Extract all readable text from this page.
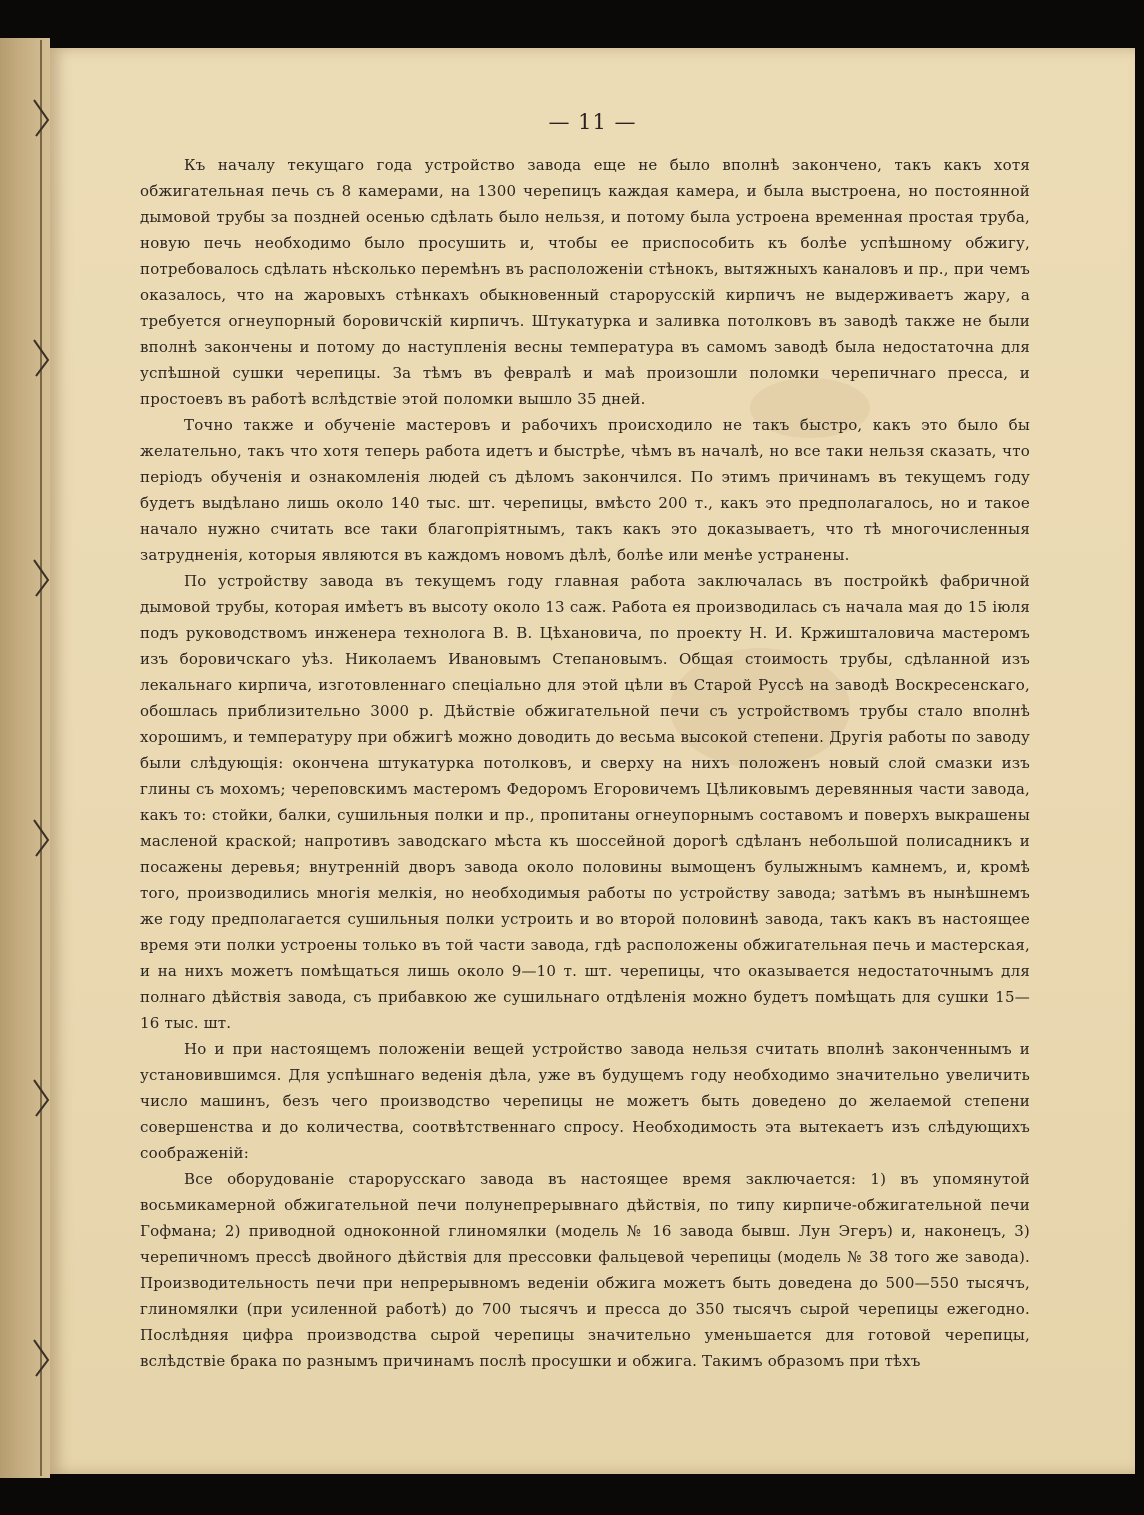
— 11 —

Къ началу текущаго года устройство завода еще не было вполнѣ закончено, такъ какъ хотя обжигательная печь съ 8 камерами, на 1300 черепицъ каждая камера, и была выстроена, но постоянной дымовой трубы за поздней осенью сдѣлать было нельзя, и потому была устроена временная простая труба, новую печь необходимо было просушить и, чтобы ее приспособить къ болѣе успѣшному обжигу, потребовалось сдѣлать нѣсколько перемѣнъ въ расположеніи стѣнокъ, вытяжныхъ каналовъ и пр., при чемъ оказалось, что на жаровыхъ стѣнкахъ обыкновенный старорусскій кирпичъ не выдерживаетъ жару, а требуется огнеупорный боровичскій кирпичъ. Штукатурка и заливка потолковъ въ заводѣ также не были вполнѣ закончены и потому до наступленія весны температура въ самомъ заводѣ была недостаточна для успѣшной сушки черепицы. За тѣмъ въ февралѣ и маѣ произошли поломки черепичнаго пресса, и простоевъ въ работѣ вслѣдствіе этой поломки вышло 35 дней.

Точно также и обученіе мастеровъ и рабочихъ происходило не такъ быстро, какъ это было бы желательно, такъ что хотя теперь работа идетъ и быстрѣе, чѣмъ въ началѣ, но все таки нельзя сказать, что періодъ обученія и ознакомленія людей съ дѣломъ закончился. По этимъ причинамъ въ текущемъ году будетъ выдѣлано лишь около 140 тыс. шт. черепицы, вмѣсто 200 т., какъ это предполагалось, но и такое начало нужно считать все таки благопріятнымъ, такъ какъ это доказываетъ, что тѣ многочисленныя затрудненія, которыя являются въ каждомъ новомъ дѣлѣ, болѣе или менѣе устранены.

По устройству завода въ текущемъ году главная работа заключалась въ постройкѣ фабричной дымовой трубы, которая имѣетъ въ высоту около 13 саж. Работа ея производилась съ начала мая до 15 іюля подъ руководствомъ инженера технолога В. В. Цѣхановича, по проекту Н. И. Кржишталовича мастеромъ изъ боровичскаго уѣз. Николаемъ Ивановымъ Степановымъ. Общая стоимость трубы, сдѣланной изъ лекальнаго кирпича, изготовленнаго спеціально для этой цѣли въ Старой Руссѣ на заводѣ Воскресенскаго, обошлась приблизительно 3000 р. Дѣйствіе обжигательной печи съ устройствомъ трубы стало вполнѣ хорошимъ, и температуру при обжигѣ можно доводить до весьма высокой степени. Другія работы по заводу были слѣдующія: окончена штукатурка потолковъ, и сверху на нихъ положенъ новый слой смазки изъ глины съ мохомъ; череповскимъ мастеромъ Федоромъ Егоровичемъ Цѣликовымъ деревянныя части завода, какъ то: стойки, балки, сушильныя полки и пр., пропитаны огнеупорнымъ составомъ и поверхъ выкрашены масленой краской; напротивъ заводскаго мѣста къ шоссейной дорогѣ сдѣланъ небольшой полисадникъ и посажены деревья; внутренній дворъ завода около половины вымощенъ булыжнымъ камнемъ, и, кромѣ того, производились многія мелкія, но необходимыя работы по устройству завода; затѣмъ въ нынѣшнемъ же году предполагается сушильныя полки устроить и во второй половинѣ завода, такъ какъ въ настоящее время эти полки устроены только въ той части завода, гдѣ расположены обжигательная печь и мастерская, и на нихъ можетъ помѣщаться лишь около 9—10 т. шт. черепицы, что оказывается недостаточнымъ для полнаго дѣйствія завода, съ прибавкою же сушильнаго отдѣленія можно будетъ помѣщать для сушки 15—16 тыс. шт.

Но и при настоящемъ положеніи вещей устройство завода нельзя считать вполнѣ законченнымъ и установившимся. Для успѣшнаго веденія дѣла, уже въ будущемъ году необходимо значительно увеличить число машинъ, безъ чего производство черепицы не можетъ быть доведено до желаемой степени совершенства и до количества, соотвѣтственнаго спросу. Необходимость эта вытекаетъ изъ слѣдующихъ соображеній:

Все оборудованіе старорусскаго завода въ настоящее время заключается: 1) въ упомянутой восьмикамерной обжигательной печи полунепрерывнаго дѣйствія, по типу кирпиче-обжигательной печи Гофмана; 2) приводной одноконной глиномялки (модель № 16 завода бывш. Лун Эгеръ) и, наконецъ, 3) черепичномъ прессѣ двойного дѣйствія для прессовки фальцевой черепицы (модель № 38 того же завода). Производительность печи при непрерывномъ веденіи обжига можетъ быть доведена до 500—550 тысячъ, глиномялки (при усиленной работѣ) до 700 тысячъ и пресса до 350 тысячъ сырой черепицы ежегодно. Послѣдняя цифра производства сырой черепицы значительно уменьшается для готовой черепицы, вслѣдствіе брака по разнымъ причинамъ послѣ просушки и обжига. Такимъ образомъ при тѣхъ
